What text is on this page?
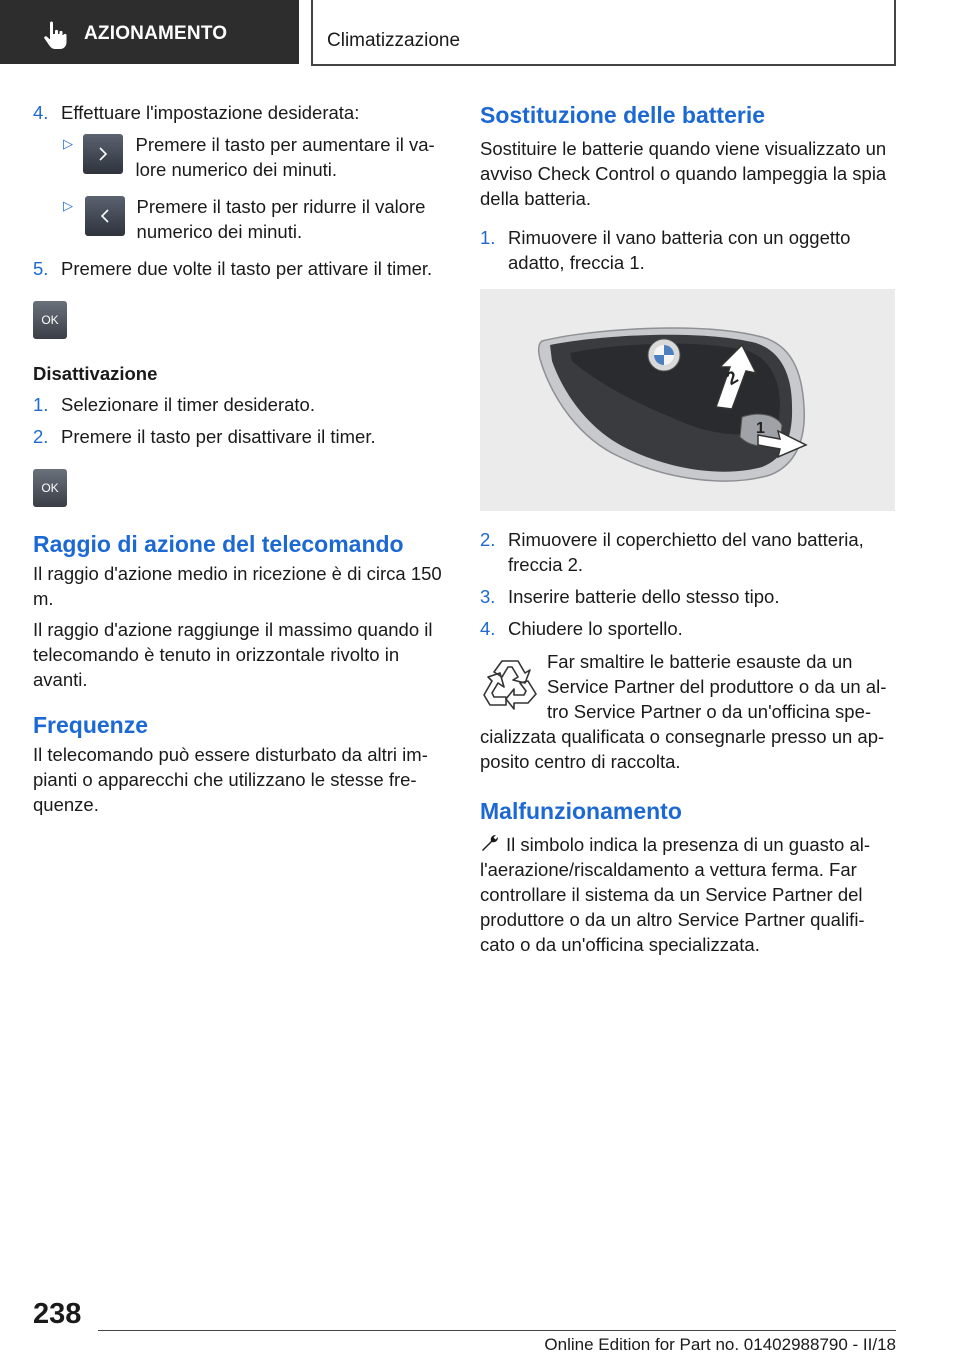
AZIONAMENTO	Climatizzazione
4. Effettuare l'impostazione desiderata:
▷	Premere il tasto per aumentare il va-lore numerico dei minuti.
▷	Premere il tasto per ridurre il valore numerico dei minuti.
5. Premere due volte il tasto per attivare il timer.
OK
Disattivazione
1. Selezionare il timer desiderato.
2. Premere il tasto per disattivare il timer.
OK
Raggio di azione del telecomando

Il raggio d'azione medio in ricezione è di circa 150 m.

Il raggio d'azione raggiunge il massimo quando il telecomando è tenuto in orizzontale rivolto in avanti.

Frequenze

Il telecomando può essere disturbato da altri im-pianti o apparecchi che utilizzano le stesse fre-quenze.

Sostituzione delle batterie

Sostituire le batterie quando viene visualizzato un avviso Check Control o quando lampeggia la spia della batteria.

1. Rimuovere il vano batteria con un oggetto adatto, freccia 1.
2
1
2. Rimuovere il coperchietto del vano batteria, freccia 2.
3. Inserire batterie dello stesso tipo.
4. Chiudere lo sportello.
Far smaltire le batterie esauste da un Service Partner del produttore o da un al-tro Service Partner o da un'officina spe-cializzata qualificata o consegnarle presso un ap-posito centro di raccolta.
Malfunzionamento

Il simbolo indica la presenza di un guasto al-l'aerazione/riscaldamento a vettura ferma. Far controllare il sistema da un Service Partner del produttore o da un altro Service Partner qualifi-cato o da un'officina specializzata.

238
Online Edition for Part no. 01402988790 - II/18
